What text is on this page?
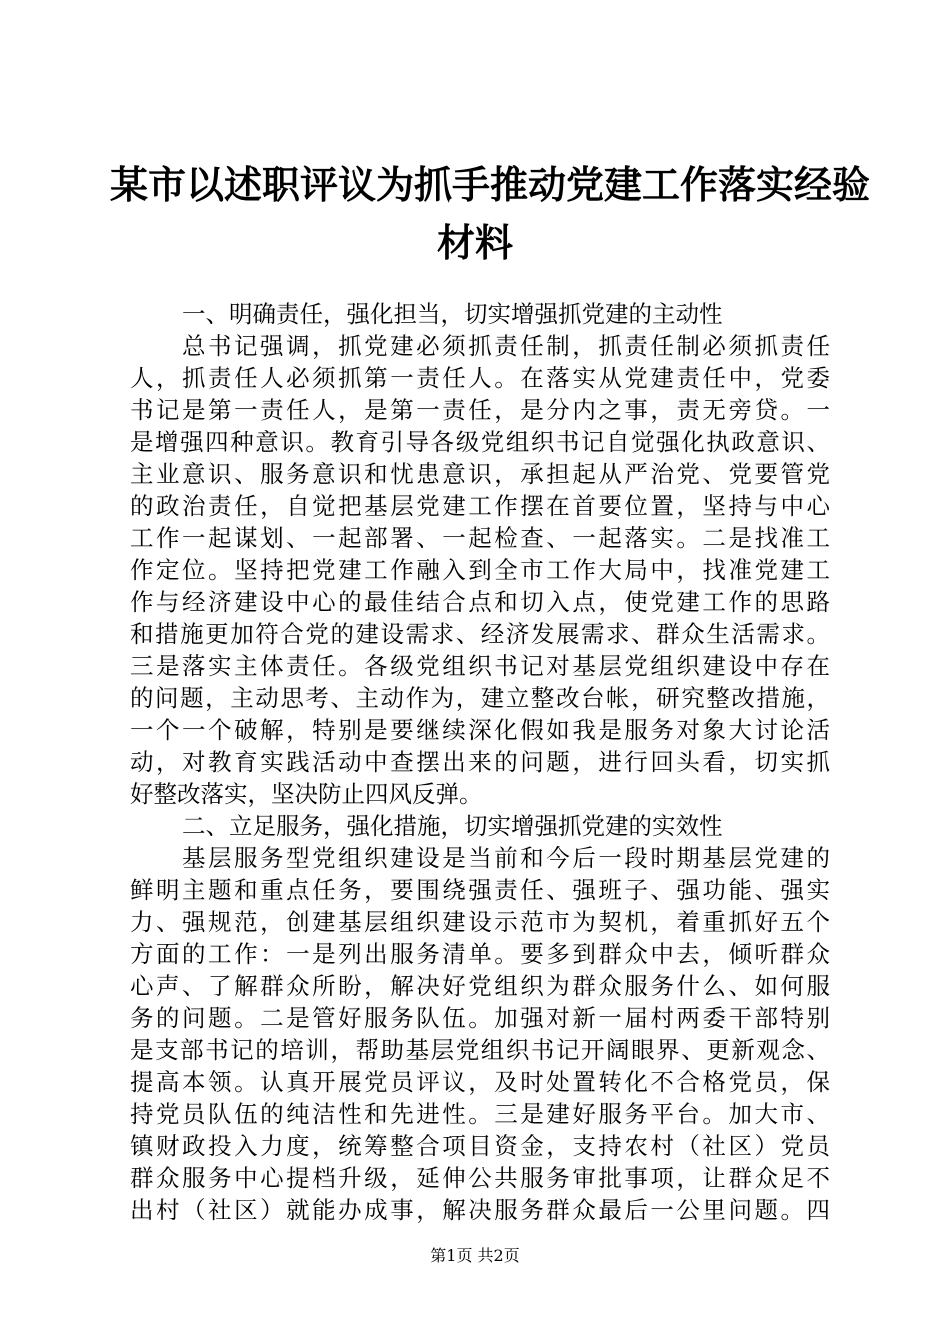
某市以述职评议为抓手推动党建工作落实经验
材料
一、明确责任，强化担当，切实增强抓党建的主动性
总书记强调，抓党建必须抓责任制，抓责任制必须抓责任
人，抓责任人必须抓第一责任人。在落实从党建责任中，党委
书记是第一责任人，是第一责任，是分内之事，责无旁贷。一
是增强四种意识。教育引导各级党组织书记自觉强化执政意识、
主业意识、服务意识和忧患意识，承担起从严治党、党要管党
的政治责任，自觉把基层党建工作摆在首要位置，坚持与中心
工作一起谋划、一起部署、一起检查、一起落实。二是找准工
作定位。坚持把党建工作融入到全市工作大局中，找准党建工
作与经济建设中心的最佳结合点和切入点，使党建工作的思路
和措施更加符合党的建设需求、经济发展需求、群众生活需求。
三是落实主体责任。各级党组织书记对基层党组织建设中存在
的问题，主动思考、主动作为，建立整改台帐，研究整改措施，
一个一个破解，特别是要继续深化假如我是服务对象大讨论活
动，对教育实践活动中查摆出来的问题，进行回头看，切实抓
好整改落实，坚决防止四风反弹。
二、立足服务，强化措施，切实增强抓党建的实效性
基层服务型党组织建设是当前和今后一段时期基层党建的
鲜明主题和重点任务，要围绕强责任、强班子、强功能、强实
力、强规范，创建基层组织建设示范市为契机，着重抓好五个
方面的工作：一是列出服务清单。要多到群众中去，倾听群众
心声、了解群众所盼，解决好党组织为群众服务什么、如何服
务的问题。二是管好服务队伍。加强对新一届村两委干部特别
是支部书记的培训，帮助基层党组织书记开阔眼界、更新观念、
提高本领。认真开展党员评议，及时处置转化不合格党员，保
持党员队伍的纯洁性和先进性。三是建好服务平台。加大市、
镇财政投入力度，统筹整合项目资金，支持农村（社区）党员
群众服务中心提档升级，延伸公共服务审批事项，让群众足不
出村（社区）就能办成事，解决服务群众最后一公里问题。四
第1页 共2页
